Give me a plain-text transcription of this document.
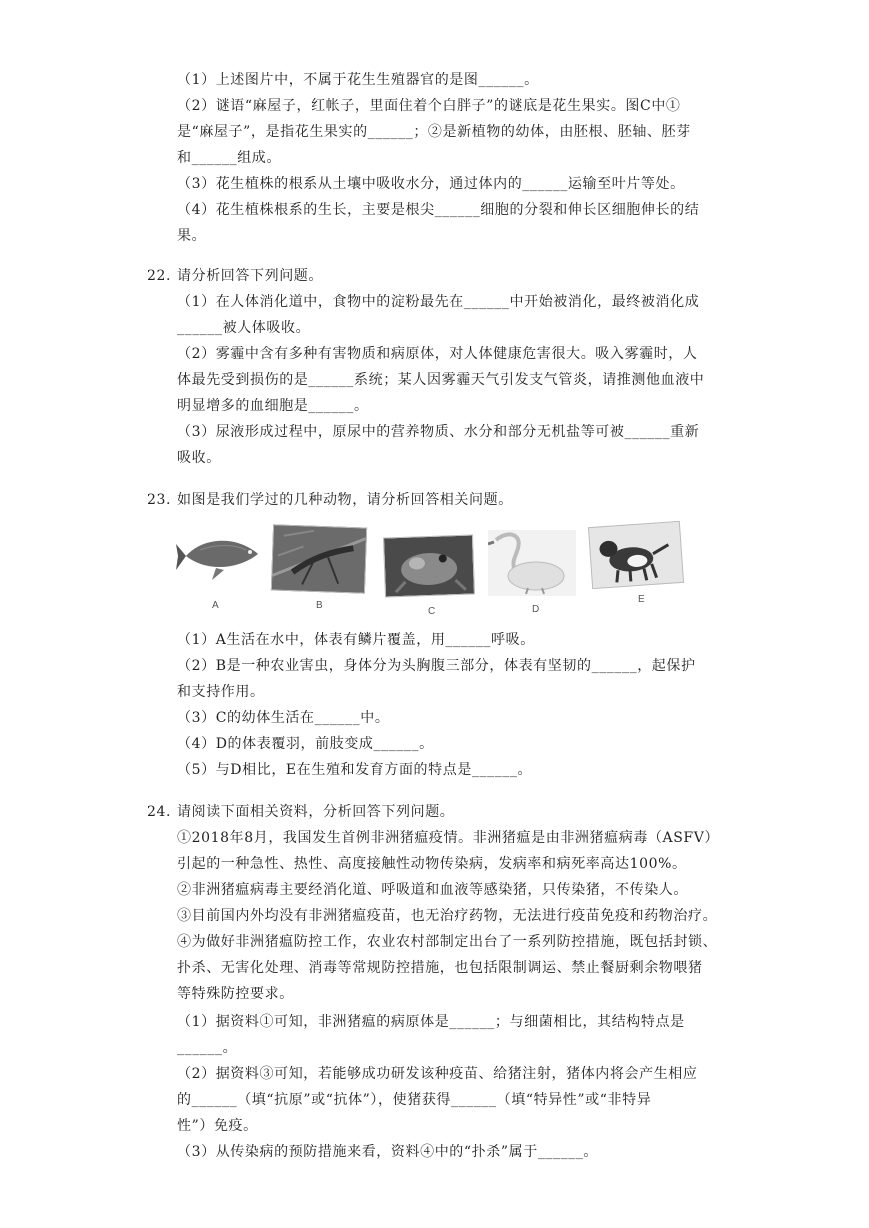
（1）上述图片中，不属于花生生殖器官的是图______。
（2）谜语“麻屋子，红帐子，里面住着个白胖子”的谜底是花生果实。图C中①
是“麻屋子”，是指花生果实的______；②是新植物的幼体，由胚根、胚轴、胚芽
和______组成。
（3）花生植株的根系从土壤中吸收水分，通过体内的______运输至叶片等处。
（4）花生植株根系的生长，主要是根尖______细胞的分裂和伸长区细胞伸长的结
果。
22. 请分析回答下列问题。
（1）在人体消化道中，食物中的淀粉最先在______中开始被消化，最终被消化成
______被人体吸收。
（2）雾霾中含有多种有害物质和病原体，对人体健康危害很大。吸入雾霾时，人
体最先受到损伤的是______系统；某人因雾霾天气引发支气管炎，请推测他血液中
明显增多的血细胞是______。
（3）尿液形成过程中，原尿中的营养物质、水分和部分无机盐等可被______重新
吸收。
23. 如图是我们学过的几种动物，请分析回答相关问题。
A	B
C	D
E
（1）A生活在水中，体表有鳞片覆盖，用______呼吸。
（2）B是一种农业害虫，身体分为头胸腹三部分，体表有坚韧的______，起保护
和支持作用。
（3）C的幼体生活在______中。
（4）D的体表覆羽，前肢变成______。
（5）与D相比，E在生殖和发育方面的特点是______。
24. 请阅读下面相关资料，分析回答下列问题。
①2018年8月，我国发生首例非洲猪瘟疫情。非洲猪瘟是由非洲猪瘟病毒（ASFV）
引起的一种急性、热性、高度接触性动物传染病，发病率和病死率高达100%。
②非洲猪瘟病毒主要经消化道、呼吸道和血液等感染猪，只传染猪，不传染人。
③目前国内外均没有非洲猪瘟疫苗，也无治疗药物，无法进行疫苗免疫和药物治疗。
④为做好非洲猪瘟防控工作，农业农村部制定出台了一系列防控措施，既包括封锁、
扑杀、无害化处理、消毒等常规防控措施，也包括限制调运、禁止餐厨剩余物喂猪
等特殊防控要求。
（1）据资料①可知，非洲猪瘟的病原体是______；与细菌相比，其结构特点是
______。
（2）据资料③可知，若能够成功研发该种疫苗、给猪注射，猪体内将会产生相应
的______（填“抗原”或“抗体”），使猪获得______（填“特异性”或“非特异
性”）免疫。
（3）从传染病的预防措施来看，资料④中的“扑杀”属于______。
